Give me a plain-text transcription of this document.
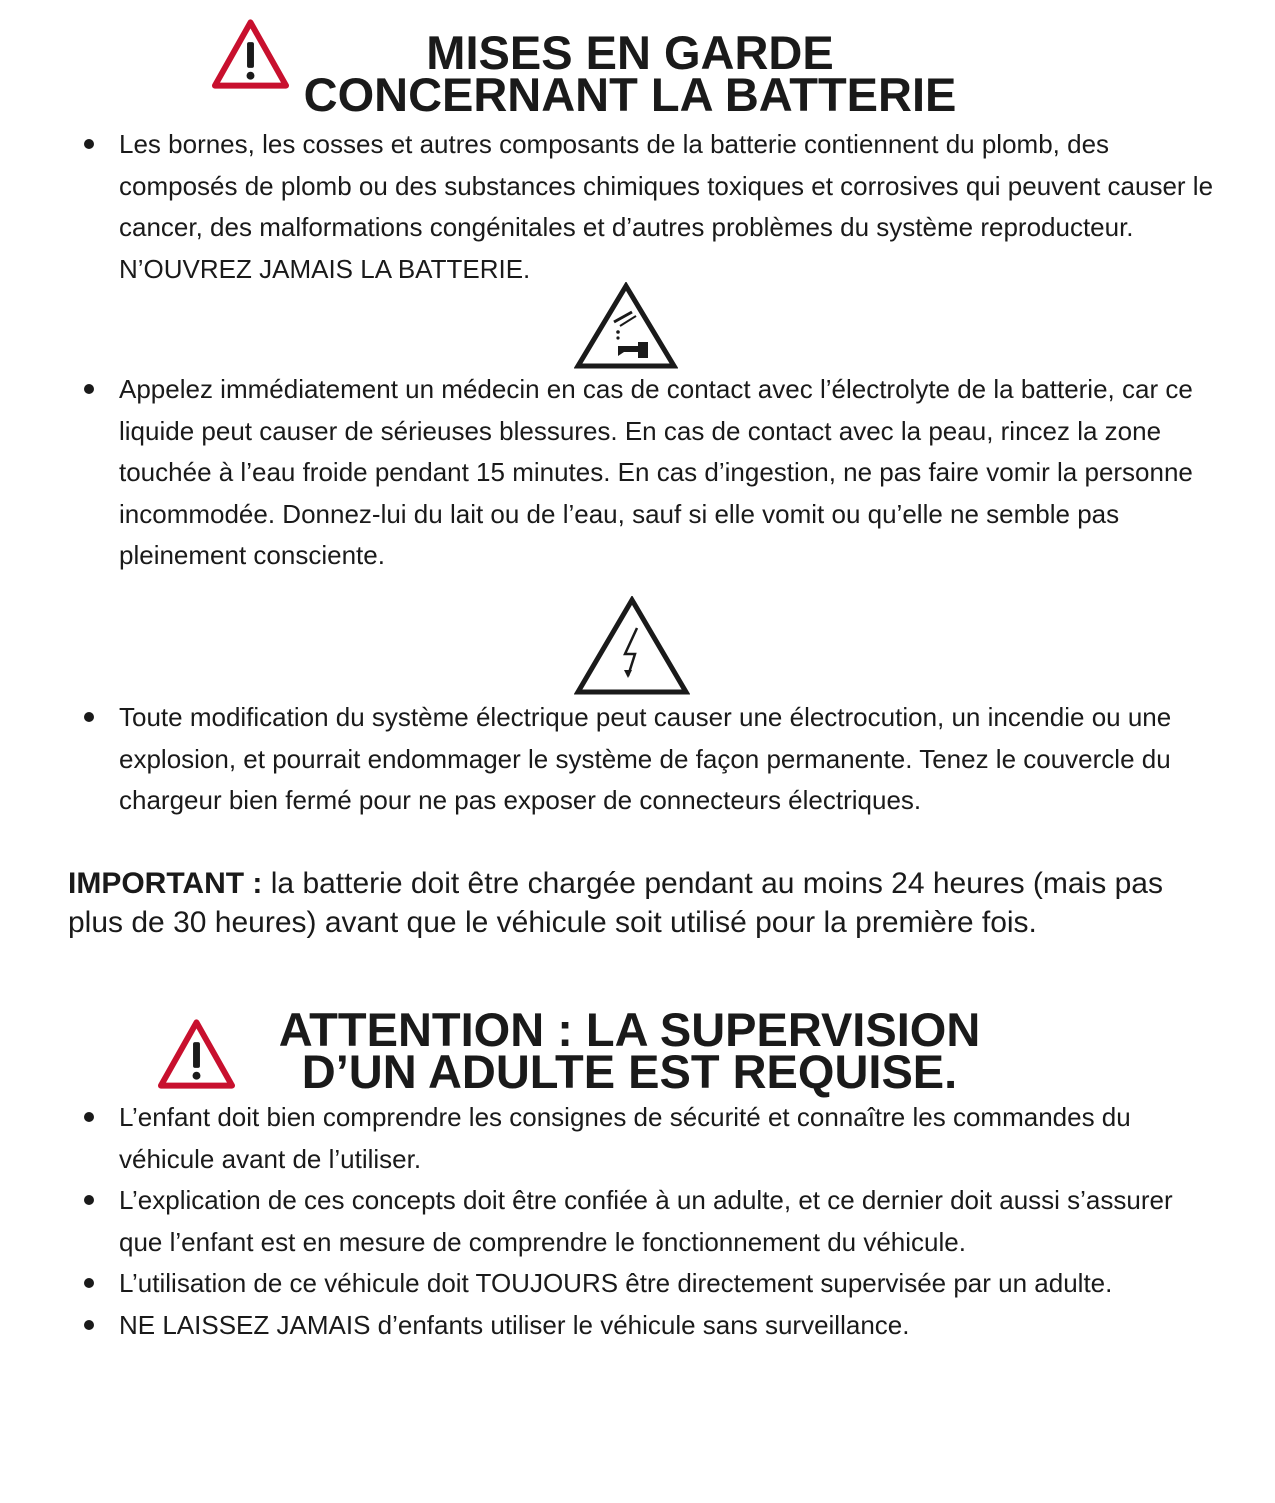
MISES EN GARDE
CONCERNANT LA BATTERIE
Les bornes, les cosses et autres composants de la batterie contiennent du plomb, des composés de plomb ou des substances chimiques toxiques et corrosives qui peuvent causer le cancer, des malformations congénitales et d’autres problèmes du système reproducteur. N’OUVREZ JAMAIS LA BATTERIE.
Appelez immédiatement un médecin en cas de contact avec l’électrolyte de la batterie, car ce liquide peut causer de sérieuses blessures. En cas de contact avec la peau, rincez la zone touchée à l’eau froide pendant 15 minutes. En cas d’ingestion, ne pas faire vomir la personne incommodée. Donnez-lui du lait ou de l’eau, sauf si elle vomit ou qu’elle ne semble pas pleinement consciente.
Toute modification du système électrique peut causer une électrocution, un incendie ou une explosion, et pourrait endommager le système de façon permanente. Tenez le couvercle du chargeur bien fermé pour ne pas exposer de connecteurs électriques.

IMPORTANT : la batterie doit être chargée pendant au moins 24 heures (mais pas plus de 30 heures) avant que le véhicule soit utilisé pour la première fois.

ATTENTION : LA SUPERVISION
D’UN ADULTE EST REQUISE.
L’enfant doit bien comprendre les consignes de sécurité et connaître les commandes du véhicule avant de l’utiliser.
L’explication de ces concepts doit être confiée à un adulte, et ce dernier doit aussi s’assurer que l’enfant est en mesure de comprendre le fonctionnement du véhicule.
L’utilisation de ce véhicule doit TOUJOURS être directement supervisée par un adulte.
NE LAISSEZ JAMAIS d’enfants utiliser le véhicule sans surveillance.
